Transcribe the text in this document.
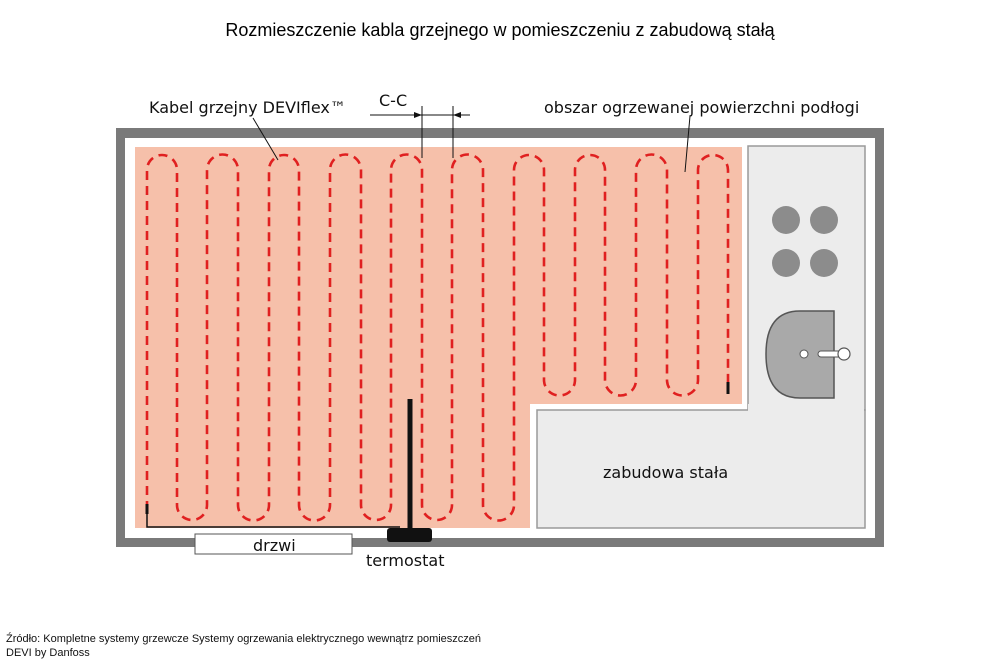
Rozmieszczenie kabla grzejnego w pomieszczeniu z zabudową stałą
Kabel grzejny DEVIflex™ C-C	obszar ogrzewanej powierzchni podłogi
zabudowa stała
drzwi
termostat
Źródło: Kompletne systemy grzewcze Systemy ogrzewania elektrycznego wewnątrz pomieszczeń
DEVI by Danfoss
